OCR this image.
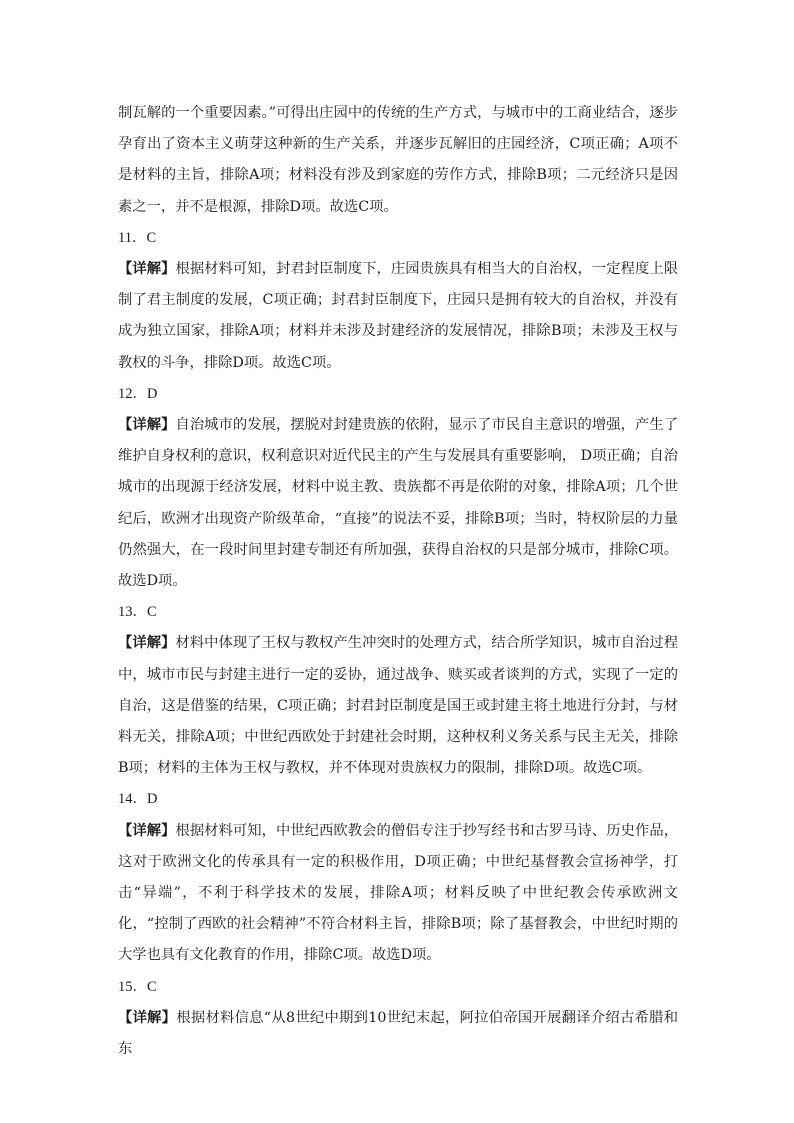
制瓦解的一个重要因素。”可得出庄园中的传统的生产方式，与城市中的工商业结合，逐步孕育出了资本主义萌芽这种新的生产关系，并逐步瓦解旧的庄园经济，C项正确；A项不是材料的主旨，排除A项；材料没有涉及到家庭的劳作方式，排除B项；二元经济只是因素之一，并不是根源，排除D项。故选C项。

11．C

【详解】根据材料可知，封君封臣制度下，庄园贵族具有相当大的自治权，一定程度上限制了君主制度的发展，C项正确；封君封臣制度下，庄园只是拥有较大的自治权，并没有成为独立国家，排除A项；材料并未涉及封建经济的发展情况，排除B项；未涉及王权与教权的斗争，排除D项。故选C项。

12．D

【详解】自治城市的发展，摆脱对封建贵族的依附，显示了市民自主意识的增强，产生了维护自身权利的意识，权利意识对近代民主的产生与发展具有重要影响， D项正确；自治城市的出现源于经济发展，材料中说主教、贵族都不再是依附的对象，排除A项；几个世纪后，欧洲才出现资产阶级革命，“直接”的说法不妥，排除B项；当时，特权阶层的力量仍然强大，在一段时间里封建专制还有所加强，获得自治权的只是部分城市，排除C项。故选D项。

13．C

【详解】材料中体现了王权与教权产生冲突时的处理方式，结合所学知识，城市自治过程中，城市市民与封建主进行一定的妥协，通过战争、赎买或者谈判的方式，实现了一定的自治，这是借鉴的结果，C项正确；封君封臣制度是国王或封建主将土地进行分封，与材料无关，排除A项；中世纪西欧处于封建社会时期，这种权利义务关系与民主无关，排除B项；材料的主体为王权与教权，并不体现对贵族权力的限制，排除D项。故选C项。

14．D

【详解】根据材料可知，中世纪西欧教会的僧侣专注于抄写经书和古罗马诗、历史作品，这对于欧洲文化的传承具有一定的积极作用，D项正确；中世纪基督教会宣扬神学，打击“异端”，不利于科学技术的发展，排除A项；材料反映了中世纪教会传承欧洲文化，“控制了西欧的社会精神”不符合材料主旨，排除B项；除了基督教会，中世纪时期的大学也具有文化教育的作用，排除C项。故选D项。

15．C

【详解】根据材料信息“从8世纪中期到10世纪末起，阿拉伯帝国开展翻译介绍古希腊和东
